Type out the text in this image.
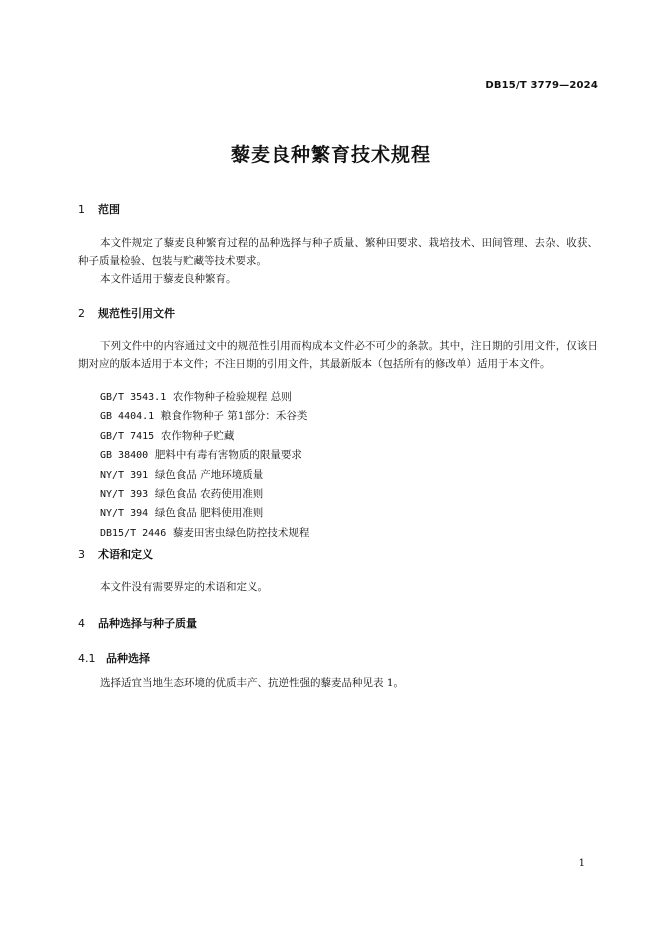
DB15/T 3779—2024
藜麦良种繁育技术规程
1 范围
本文件规定了藜麦良种繁育过程的品种选择与种子质量、繁种田要求、栽培技术、田间管理、去杂、收获、种子质量检验、包装与贮藏等技术要求。
本文件适用于藜麦良种繁育。
2 规范性引用文件
下列文件中的内容通过文中的规范性引用而构成本文件必不可少的条款。其中，注日期的引用文件，仅该日期对应的版本适用于本文件；不注日期的引用文件，其最新版本（包括所有的修改单）适用于本文件。
GB/T 3543.1 农作物种子检验规程 总则
GB 4404.1 粮食作物种子 第1部分：禾谷类
GB/T 7415 农作物种子贮藏
GB 38400 肥料中有毒有害物质的限量要求
NY/T 391 绿色食品 产地环境质量
NY/T 393 绿色食品 农药使用准则
NY/T 394 绿色食品 肥料使用准则
DB15/T 2446 藜麦田害虫绿色防控技术规程
3 术语和定义
本文件没有需要界定的术语和定义。
4 品种选择与种子质量
4.1 品种选择
选择适宜当地生态环境的优质丰产、抗逆性强的藜麦品种见表 1。
1
